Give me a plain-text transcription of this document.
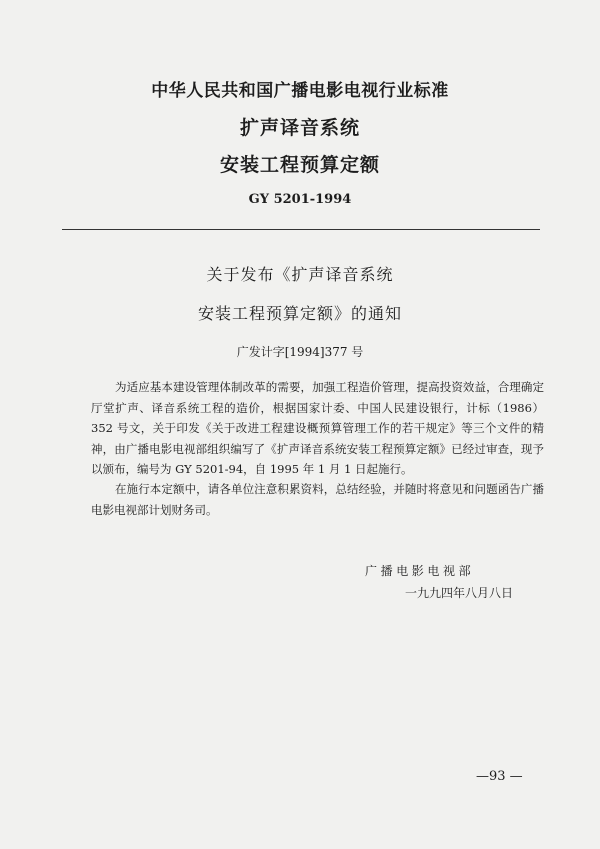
中华人民共和国广播电影电视行业标准
扩声译音系统
安装工程预算定额
GY 5201-1994
关于发布《扩声译音系统
安装工程预算定额》的通知
广发计字[1994]377 号
为适应基本建设管理体制改革的需要，加强工程造价管理，提高投资效益，合理确定厅堂扩声、译音系统工程的造价，根据国家计委、中国人民建设银行，计标（1986）352 号文，关于印发《关于改进工程建设概预算管理工作的若干规定》等三个文件的精神，由广播电影电视部组织编写了《扩声译音系统安装工程预算定额》已经过审查，现予以颁布，编号为 GY 5201-94，自 1995 年 1 月 1 日起施行。
在施行本定额中，请各单位注意积累资料，总结经验，并随时将意见和问题函告广播电影电视部计划财务司。
广播电影电视部
一九九四年八月八日
—93 —
